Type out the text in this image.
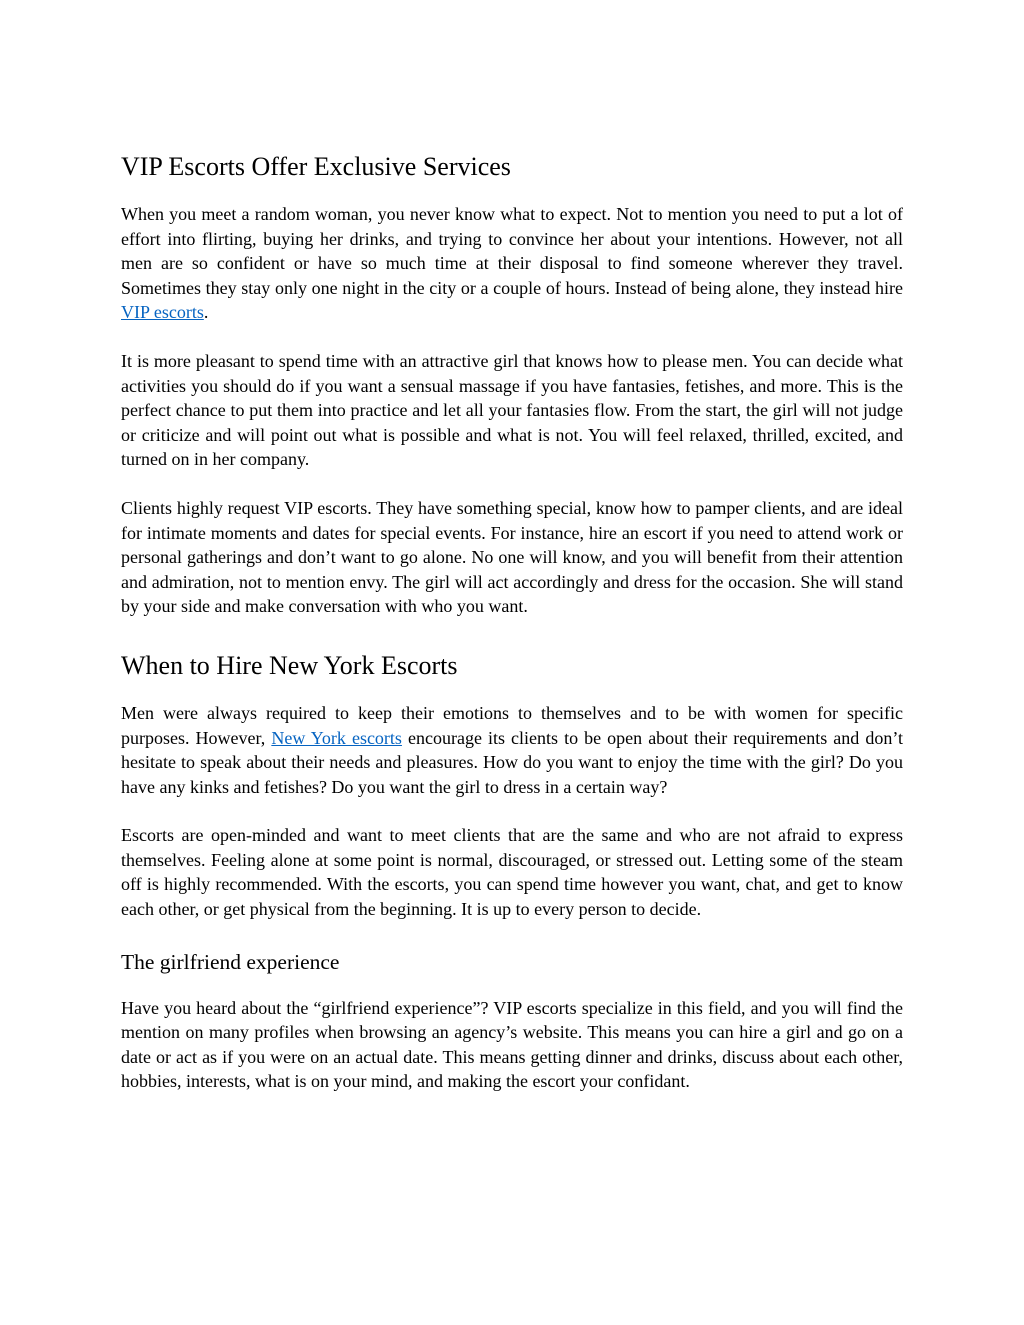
VIP Escorts Offer Exclusive Services

When you meet a random woman, you never know what to expect. Not to mention you need to put a lot of effort into flirting, buying her drinks, and trying to convince her about your intentions. However, not all men are so confident or have so much time at their disposal to find someone wherever they travel. Sometimes they stay only one night in the city or a couple of hours. Instead of being alone, they instead hire VIP escorts.

It is more pleasant to spend time with an attractive girl that knows how to please men. You can decide what activities you should do if you want a sensual massage if you have fantasies, fetishes, and more. This is the perfect chance to put them into practice and let all your fantasies flow. From the start, the girl will not judge or criticize and will point out what is possible and what is not. You will feel relaxed, thrilled, excited, and turned on in her company.

Clients highly request VIP escorts. They have something special, know how to pamper clients, and are ideal for intimate moments and dates for special events. For instance, hire an escort if you need to attend work or personal gatherings and don’t want to go alone. No one will know, and you will benefit from their attention and admiration, not to mention envy. The girl will act accordingly and dress for the occasion. She will stand by your side and make conversation with who you want.

When to Hire New York Escorts

Men were always required to keep their emotions to themselves and to be with women for specific purposes. However, New York escorts encourage its clients to be open about their requirements and don’t hesitate to speak about their needs and pleasures. How do you want to enjoy the time with the girl? Do you have any kinks and fetishes? Do you want the girl to dress in a certain way?

Escorts are open-minded and want to meet clients that are the same and who are not afraid to express themselves. Feeling alone at some point is normal, discouraged, or stressed out. Letting some of the steam off is highly recommended. With the escorts, you can spend time however you want, chat, and get to know each other, or get physical from the beginning. It is up to every person to decide.

The girlfriend experience

Have you heard about the “girlfriend experience”? VIP escorts specialize in this field, and you will find the mention on many profiles when browsing an agency’s website. This means you can hire a girl and go on a date or act as if you were on an actual date. This means getting dinner and drinks, discuss about each other, hobbies, interests, what is on your mind, and making the escort your confidant.
